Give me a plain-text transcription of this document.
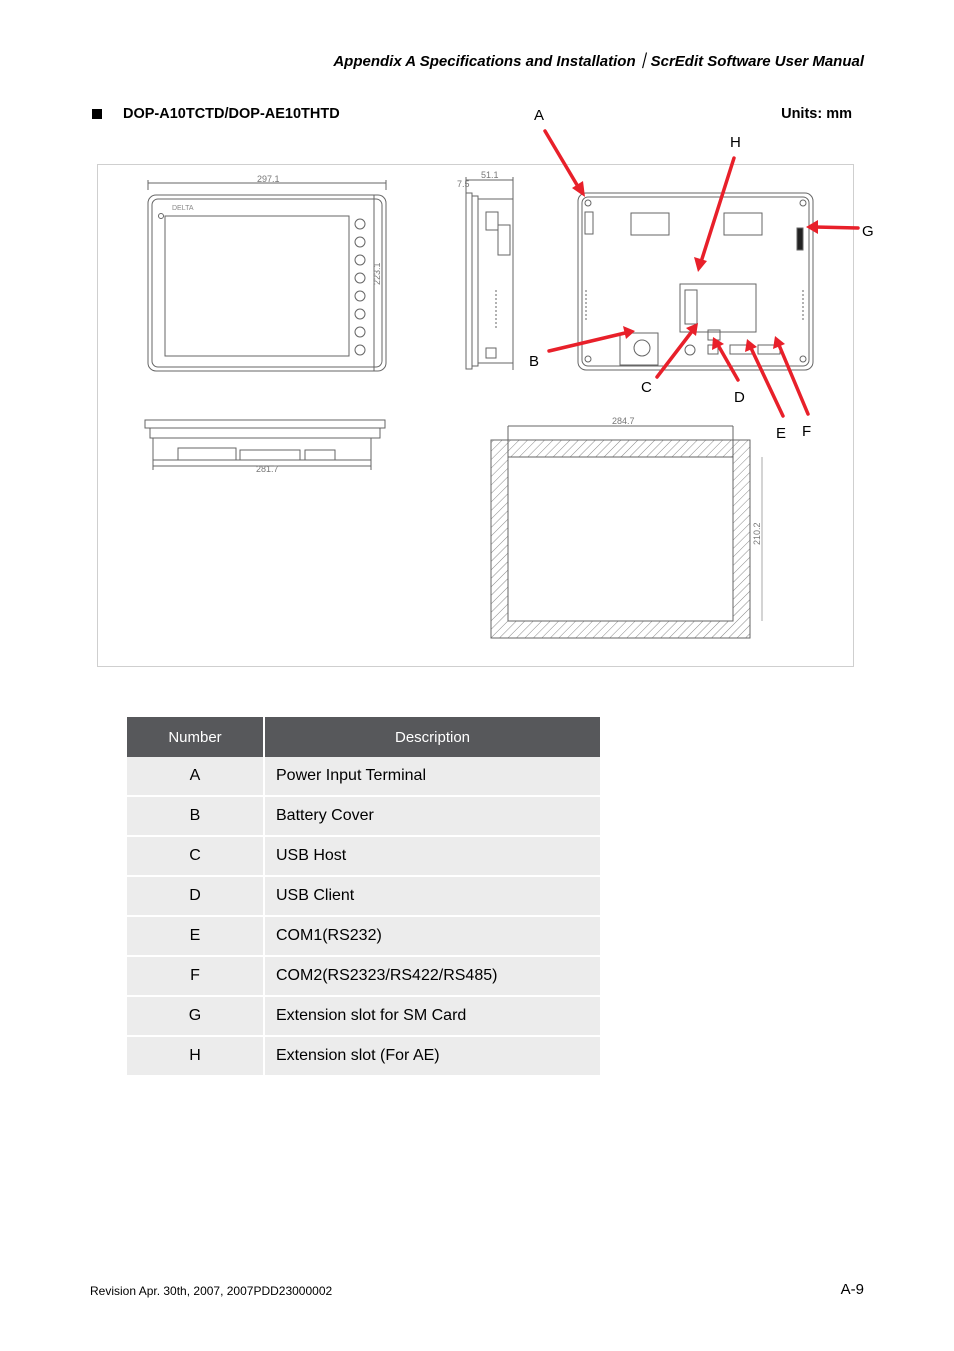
Appendix A Specifications and Installation｜ScrEdit Software User Manual
DOP-A10TCTD/DOP-AE10THTD	Units: mm
DELTA
297.1
223.1
51.1
7.5
281.7
284.7
210.2
A
H
G
B
C
D
E F
Number	Description
A	Power Input Terminal
B	Battery Cover
C	USB Host
D	USB Client
E	COM1(RS232)
F	COM2(RS2323/RS422/RS485)
G	Extension slot for SM Card
H	Extension slot (For AE)
Revision Apr. 30th, 2007, 2007PDD23000002	A-9
